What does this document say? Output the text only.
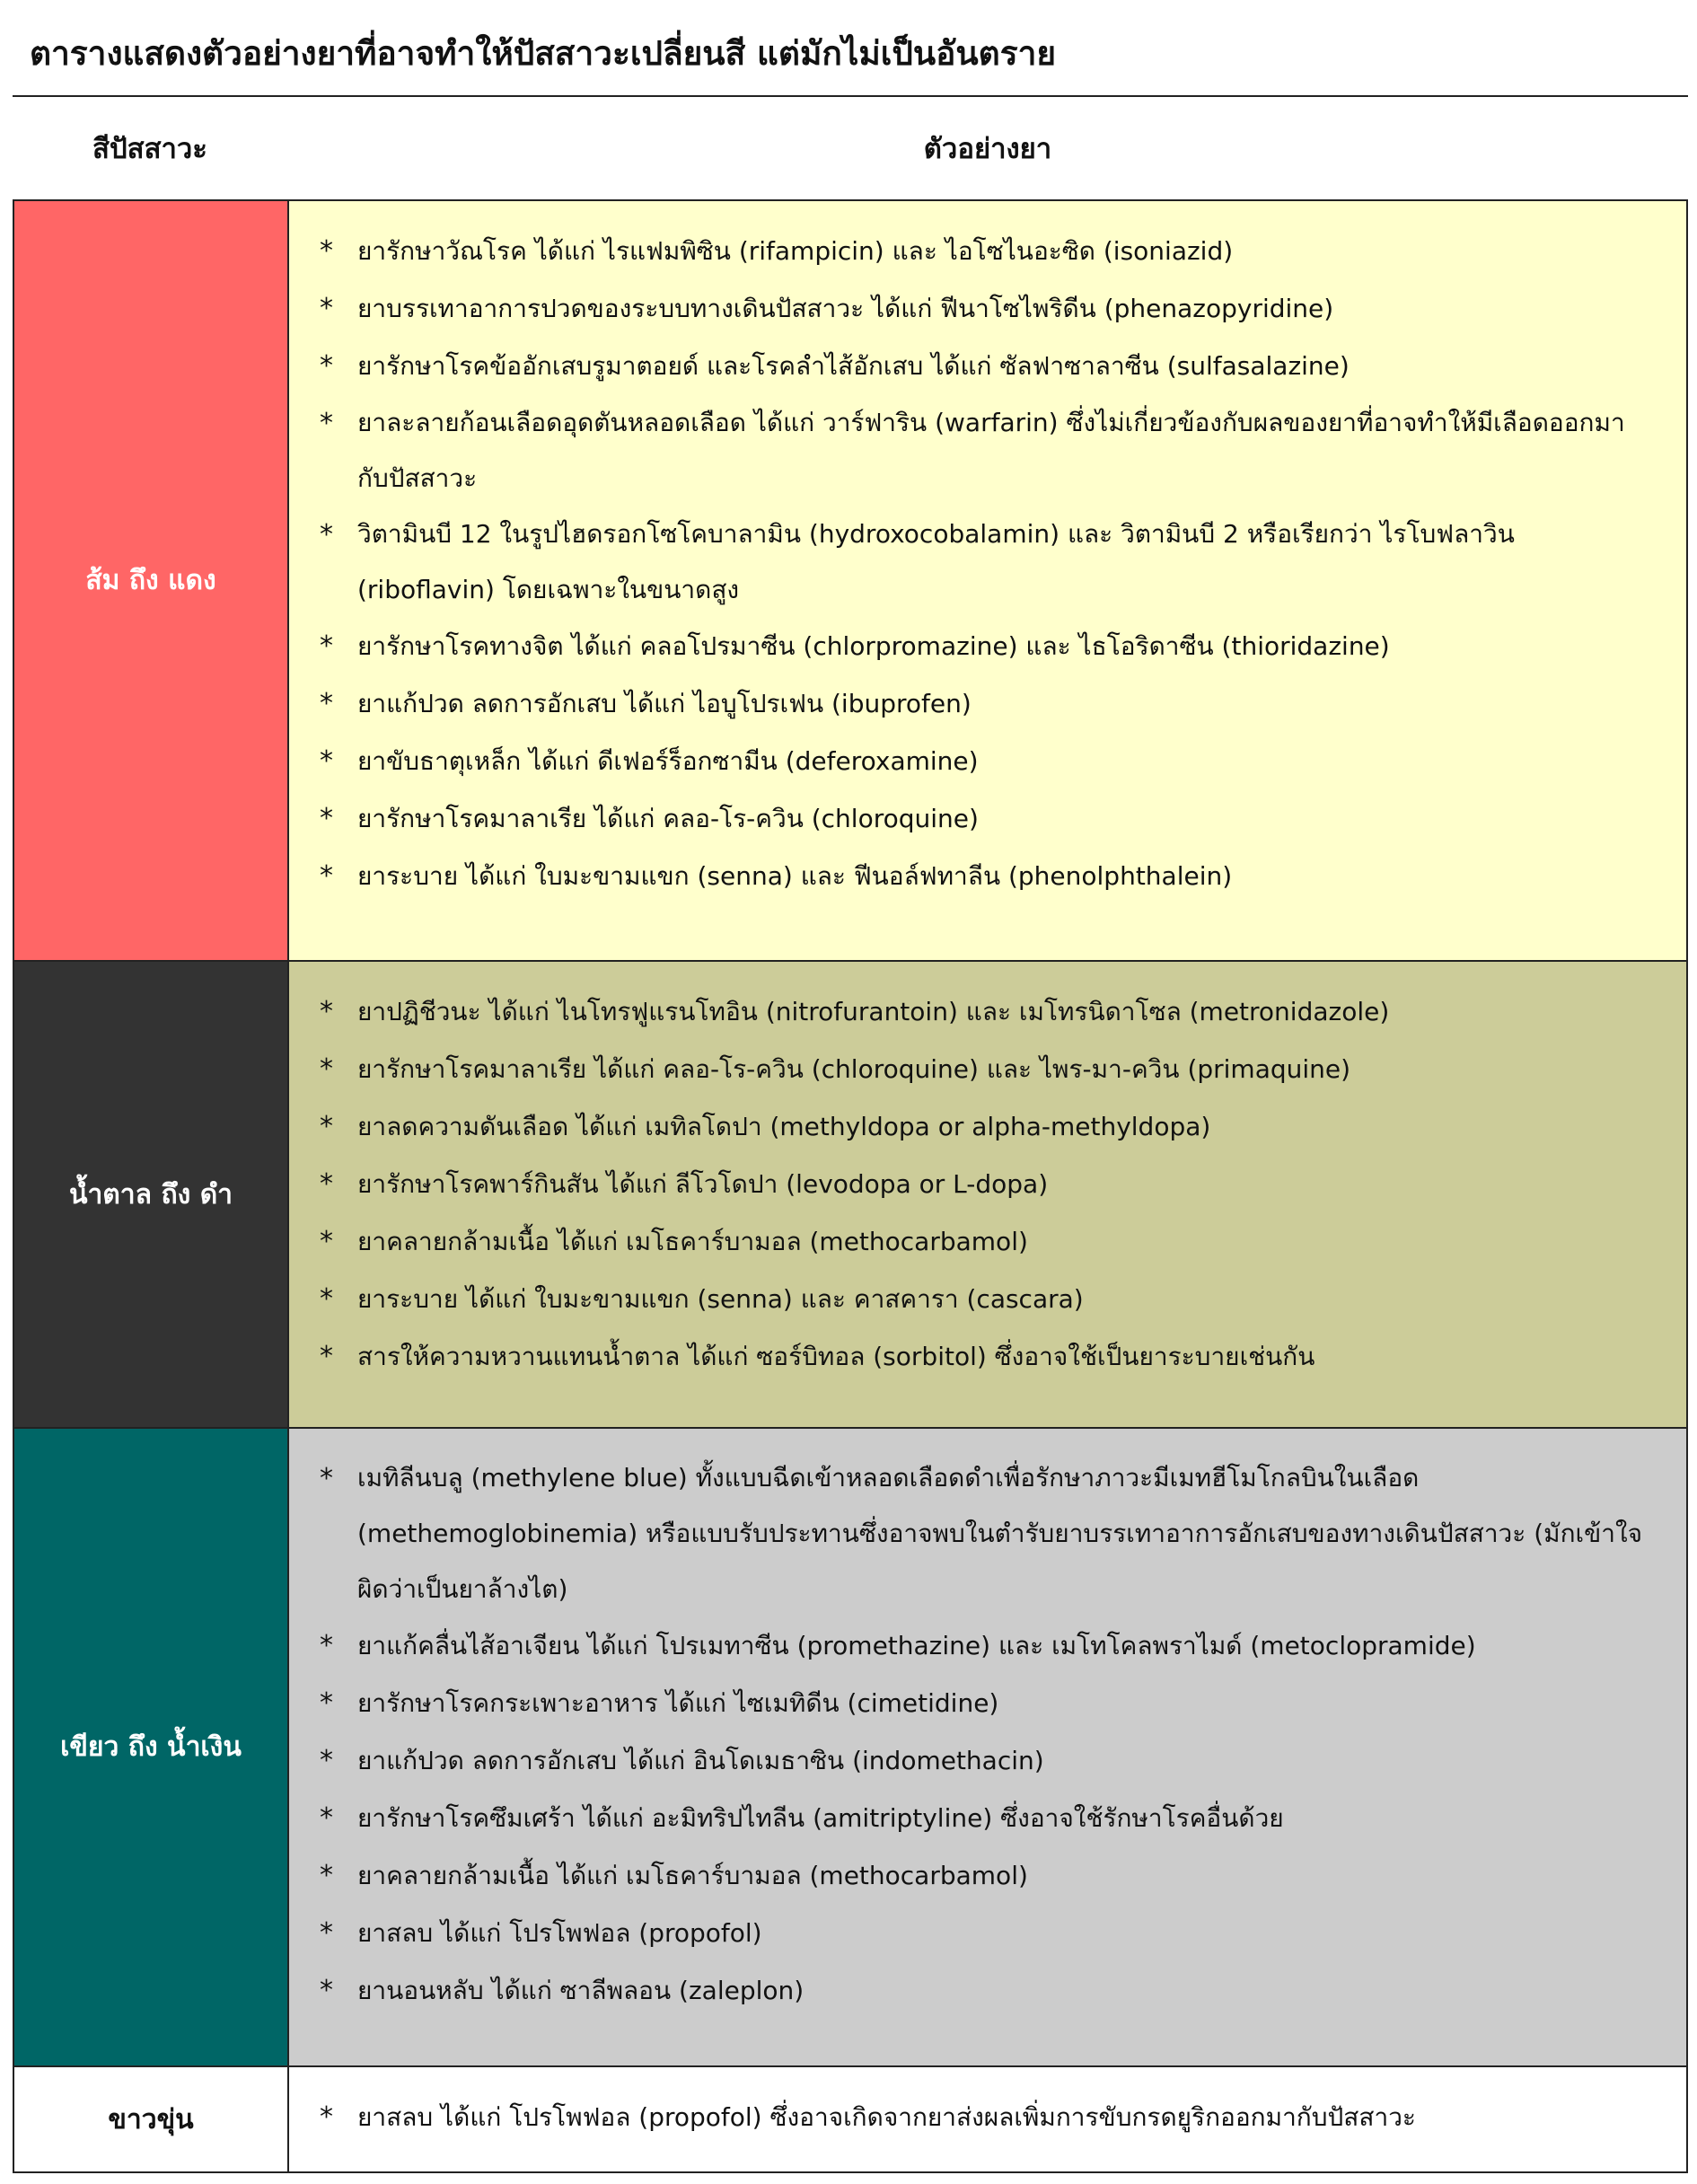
ตารางแสดงตัวอย่างยาที่อาจทำให้ปัสสาวะเปลี่ยนสี แต่มักไม่เป็นอันตราย
สีปัสสาวะ	ตัวอย่างยา
ส้ม ถึง แดง
* ยารักษาวัณโรค ได้แก่ ไรแฟมพิซิน (rifampicin) และ ไอโซไนอะซิด (isoniazid)
* ยาบรรเทาอาการปวดของระบบทางเดินปัสสาวะ ได้แก่ ฟีนาโซไพริดีน (phenazopyridine)
* ยารักษาโรคข้ออักเสบรูมาตอยด์ และโรคลำไส้อักเสบ ได้แก่ ซัลฟาซาลาซีน (sulfasalazine)
* ยาละลายก้อนเลือดอุดตันหลอดเลือด ได้แก่ วาร์ฟาริน (warfarin) ซึ่งไม่เกี่ยวข้องกับผลของยาที่อาจทำให้มีเลือดออกมากับปัสสาวะ
* วิตามินบี 12 ในรูปไฮดรอกโซโคบาลามิน (hydroxocobalamin) และ วิตามินบี 2 หรือเรียกว่า ไรโบฟลาวิน (riboflavin) โดยเฉพาะในขนาดสูง
* ยารักษาโรคทางจิต ได้แก่ คลอโปรมาซีน (chlorpromazine) และ ไธโอริดาซีน (thioridazine)
* ยาแก้ปวด ลดการอักเสบ ได้แก่ ไอบูโปรเฟน (ibuprofen)
* ยาขับธาตุเหล็ก ได้แก่ ดีเฟอร์ร็อกซามีน (deferoxamine)
* ยารักษาโรคมาลาเรีย ได้แก่ คลอ-โร-ควิน (chloroquine)
* ยาระบาย ได้แก่ ใบมะขามแขก (senna) และ ฟีนอล์ฟทาลีน (phenolphthalein)
น้ำตาล ถึง ดำ
* ยาปฏิชีวนะ ได้แก่ ไนโทรฟูแรนโทอิน (nitrofurantoin) และ เมโทรนิดาโซล (metronidazole)
* ยารักษาโรคมาลาเรีย ได้แก่ คลอ-โร-ควิน (chloroquine) และ ไพร-มา-ควิน (primaquine)
* ยาลดความดันเลือด ได้แก่ เมทิลโดปา (methyldopa or alpha-methyldopa)
* ยารักษาโรคพาร์กินสัน ได้แก่ ลีโวโดปา (levodopa or L-dopa)
* ยาคลายกล้ามเนื้อ ได้แก่ เมโธคาร์บามอล (methocarbamol)
* ยาระบาย ได้แก่ ใบมะขามแขก (senna) และ คาสคารา (cascara)
* สารให้ความหวานแทนน้ำตาล ได้แก่ ซอร์บิทอล (sorbitol) ซึ่งอาจใช้เป็นยาระบายเช่นกัน
เขียว ถึง น้ำเงิน
* เมทิลีนบลู (methylene blue) ทั้งแบบฉีดเข้าหลอดเลือดดำเพื่อรักษาภาวะมีเมทฮีโมโกลบินในเลือด (methemoglobinemia) หรือแบบรับประทานซึ่งอาจพบในตำรับยาบรรเทาอาการอักเสบของทางเดินปัสสาวะ (มักเข้าใจผิดว่าเป็นยาล้างไต)
* ยาแก้คลื่นไส้อาเจียน ได้แก่ โปรเมทาซีน (promethazine) และ เมโทโคลพราไมด์ (metoclopramide)
* ยารักษาโรคกระเพาะอาหาร ได้แก่ ไซเมทิดีน (cimetidine)
* ยาแก้ปวด ลดการอักเสบ ได้แก่ อินโดเมธาซิน (indomethacin)
* ยารักษาโรคซึมเศร้า ได้แก่ อะมิทริปไทลีน (amitriptyline) ซึ่งอาจใช้รักษาโรคอื่นด้วย
* ยาคลายกล้ามเนื้อ ได้แก่ เมโธคาร์บามอล (methocarbamol)
* ยาสลบ ได้แก่ โปรโพฟอล (propofol)
* ยานอนหลับ ได้แก่ ซาลีพลอน (zaleplon)
ขาวขุ่น	* ยาสลบ ได้แก่ โปรโพฟอล (propofol) ซึ่งอาจเกิดจากยาส่งผลเพิ่มการขับกรดยูริกออกมากับปัสสาวะ
